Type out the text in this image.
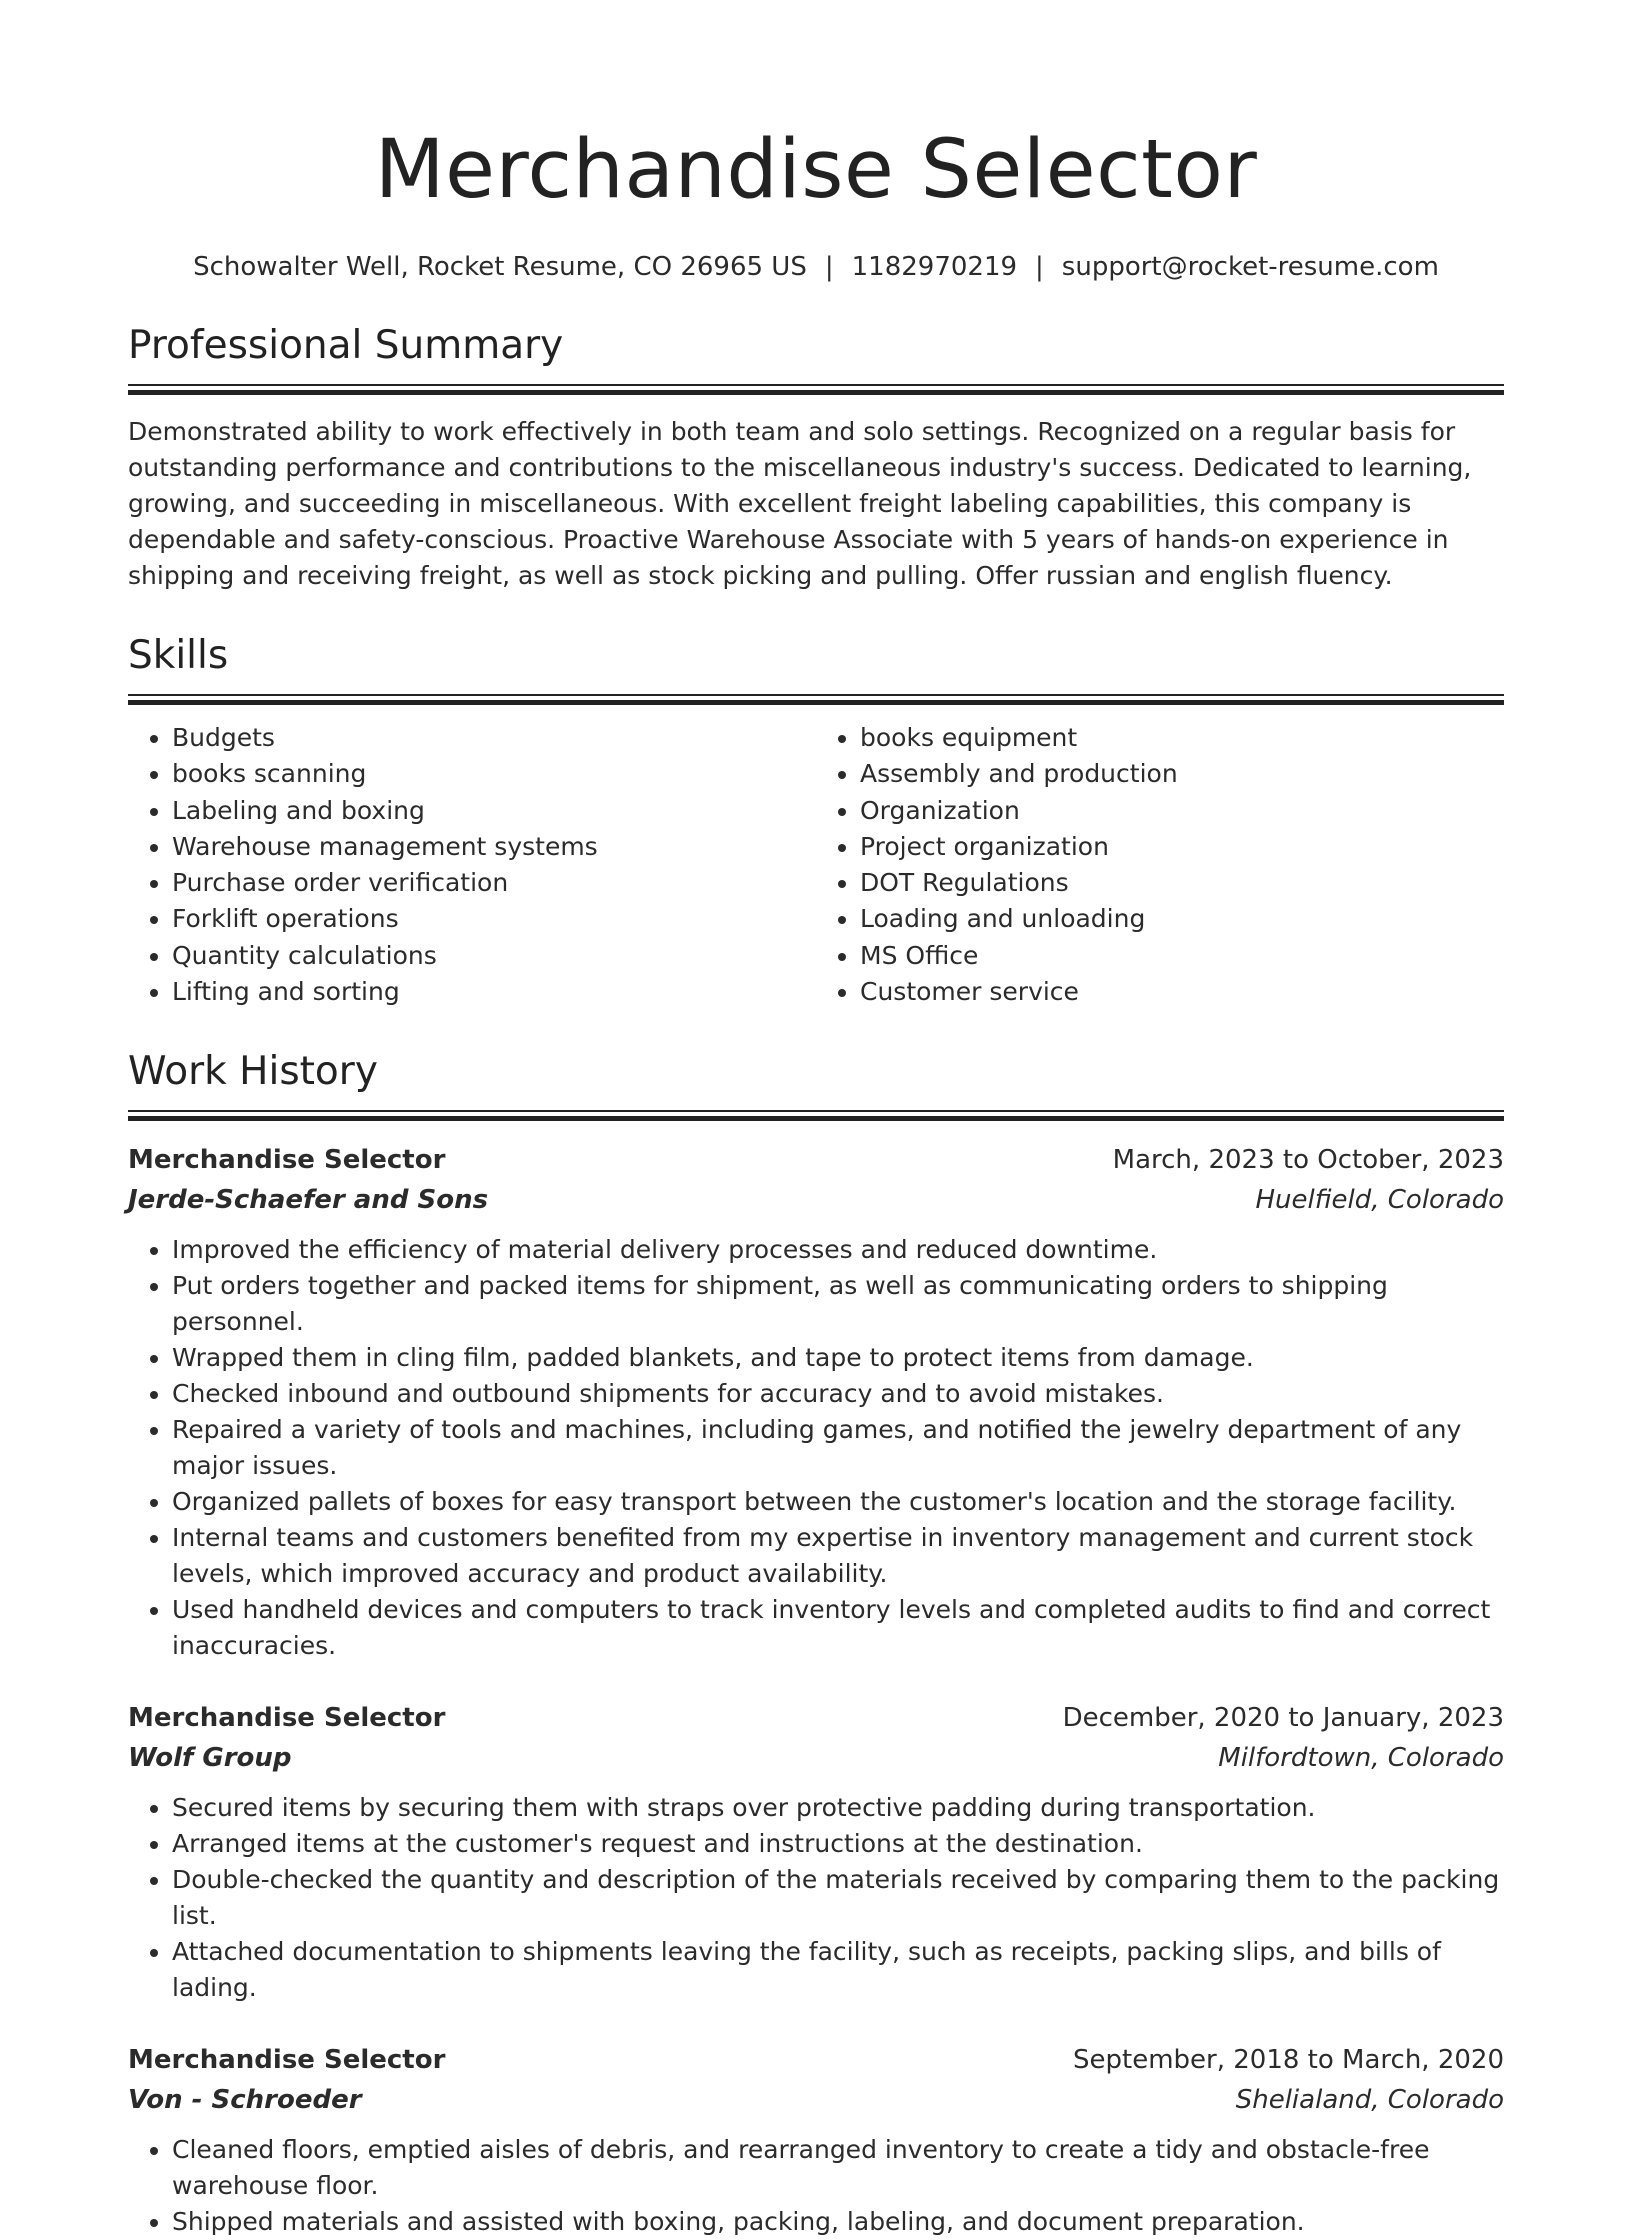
Merchandise Selector
Schowalter Well, Rocket Resume, CO 26965 US | 1182970219 | support@rocket-resume.com
Professional Summary

Demonstrated ability to work effectively in both team and solo settings. Recognized on a regular basis for outstanding performance and contributions to the miscellaneous industry's success. Dedicated to learning, growing, and succeeding in miscellaneous. With excellent freight labeling capabilities, this company is dependable and safety-conscious. Proactive Warehouse Associate with 5 years of hands-on experience in shipping and receiving freight, as well as stock picking and pulling. Offer russian and english fluency.

Skills
• Budgets
• books scanning
• Labeling and boxing
• Warehouse management systems
• Purchase order verification
• Forklift operations
• Quantity calculations
• Lifting and sorting
• books equipment
• Assembly and production
• Organization
• Project organization
• DOT Regulations
• Loading and unloading
• MS Office
• Customer service
Work History
Merchandise Selector	March, 2023 to October, 2023
Jerde-Schaefer and Sons	Huelfield, Colorado
• Improved the efficiency of material delivery processes and reduced downtime.
• Put orders together and packed items for shipment, as well as communicating orders to shipping personnel.
• Wrapped them in cling film, padded blankets, and tape to protect items from damage.
• Checked inbound and outbound shipments for accuracy and to avoid mistakes.
• Repaired a variety of tools and machines, including games, and notified the jewelry department of any major issues.
• Organized pallets of boxes for easy transport between the customer's location and the storage facility.
• Internal teams and customers benefited from my expertise in inventory management and current stock levels, which improved accuracy and product availability.
• Used handheld devices and computers to track inventory levels and completed audits to find and correct inaccuracies.
Merchandise Selector	December, 2020 to January, 2023
Wolf Group	Milfordtown, Colorado
• Secured items by securing them with straps over protective padding during transportation.
• Arranged items at the customer's request and instructions at the destination.
• Double-checked the quantity and description of the materials received by comparing them to the packing list.
• Attached documentation to shipments leaving the facility, such as receipts, packing slips, and bills of lading.
Merchandise Selector	September, 2018 to March, 2020
Von - Schroeder	Shelialand, Colorado
• Cleaned floors, emptied aisles of debris, and rearranged inventory to create a tidy and obstacle-free warehouse floor.
• Shipped materials and assisted with boxing, packing, labeling, and document preparation.
